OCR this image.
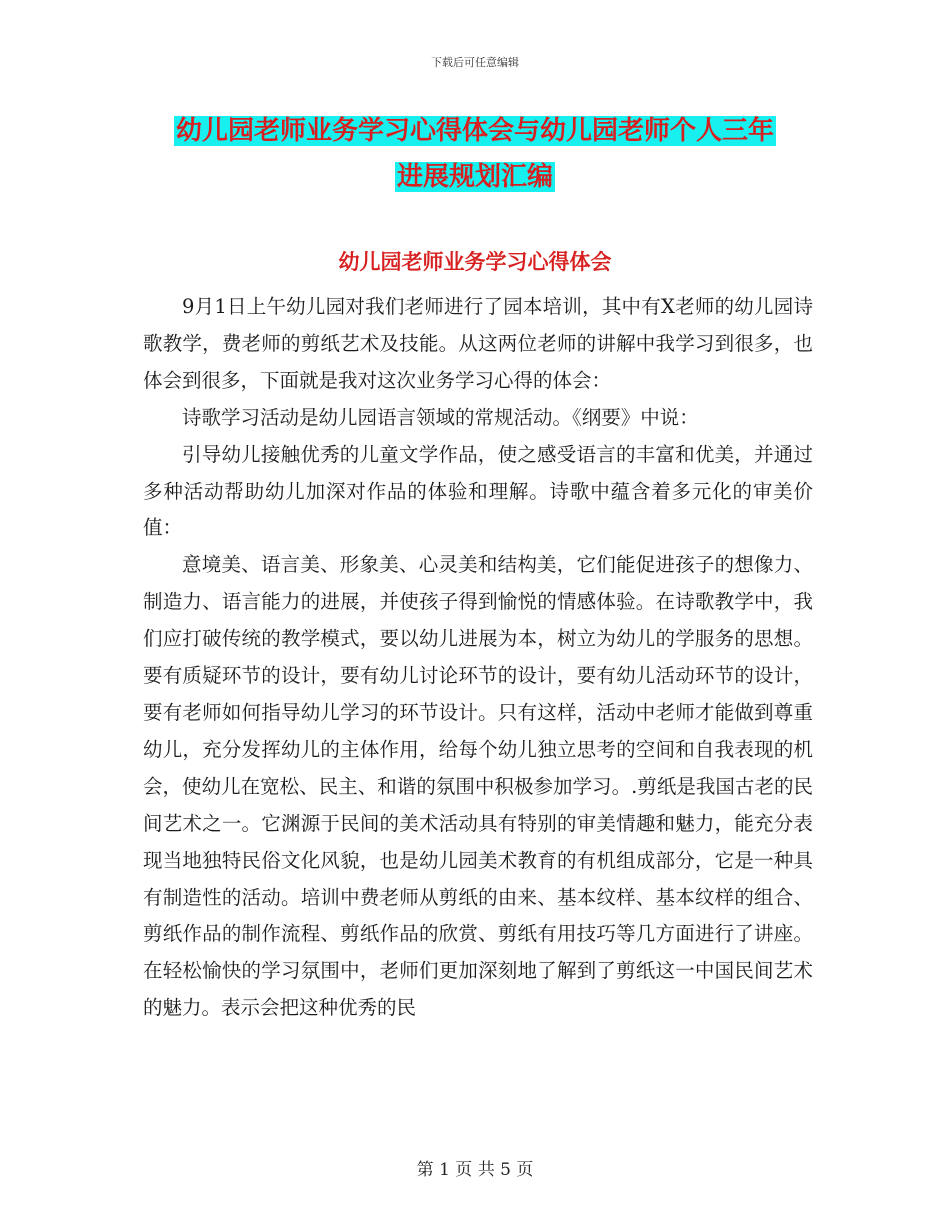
下载后可任意编辑
幼儿园老师业务学习心得体会与幼儿园老师个人三年
进展规划汇编
幼儿园老师业务学习心得体会

9月1日上午幼儿园对我们老师进行了园本培训，其中有X老师的幼儿园诗歌教学，费老师的剪纸艺术及技能。从这两位老师的讲解中我学习到很多，也体会到很多，下面就是我对这次业务学习心得的体会：

诗歌学习活动是幼儿园语言领域的常规活动。《纲要》中说：

引导幼儿接触优秀的儿童文学作品，使之感受语言的丰富和优美，并通过多种活动帮助幼儿加深对作品的体验和理解。诗歌中蕴含着多元化的审美价值：

意境美、语言美、形象美、心灵美和结构美，它们能促进孩子的想像力、制造力、语言能力的进展，并使孩子得到愉悦的情感体验。在诗歌教学中，我们应打破传统的教学模式，要以幼儿进展为本，树立为幼儿的学服务的思想。要有质疑环节的设计，要有幼儿讨论环节的设计，要有幼儿活动环节的设计，要有老师如何指导幼儿学习的环节设计。只有这样，活动中老师才能做到尊重幼儿，充分发挥幼儿的主体作用，给每个幼儿独立思考的空间和自我表现的机会，使幼儿在宽松、民主、和谐的氛围中积极参加学习。.剪纸是我国古老的民间艺术之一。它渊源于民间的美术活动具有特别的审美情趣和魅力，能充分表现当地独特民俗文化风貌，也是幼儿园美术教育的有机组成部分，它是一种具有制造性的活动。培训中费老师从剪纸的由来、基本纹样、基本纹样的组合、剪纸作品的制作流程、剪纸作品的欣赏、剪纸有用技巧等几方面进行了讲座。在轻松愉快的学习氛围中，老师们更加深刻地了解到了剪纸这一中国民间艺术的魅力。表示会把这种优秀的民

第 1 页 共 5 页
